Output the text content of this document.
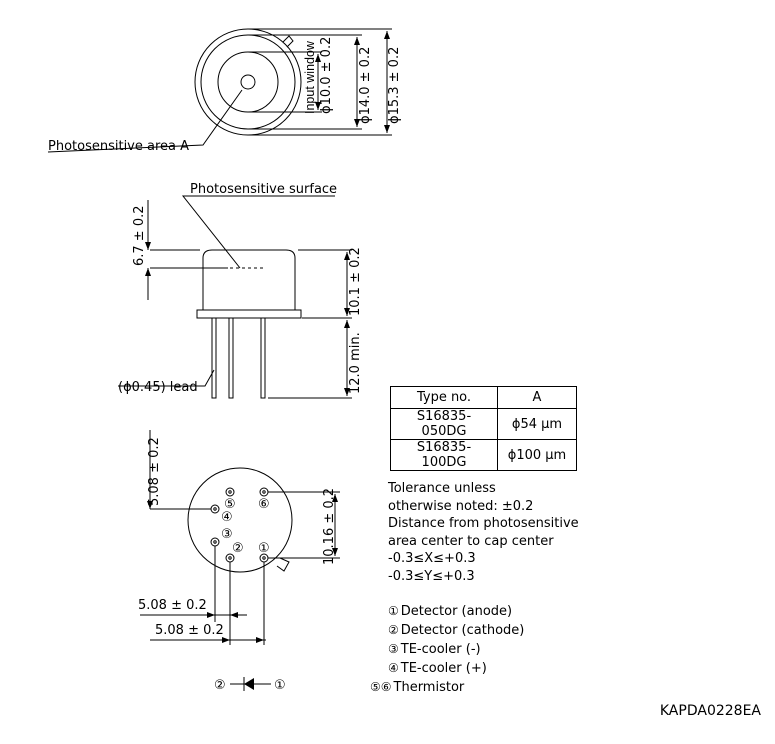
Photosensitive area A
Input window ϕ10.0 ± 0.2 ϕ14.0 ± 0.2 ϕ15.3 ± 0.2
Photosensitive surface
6.7 ± 0.2
10.1 ± 0.2
12.0 min.
(ϕ0.45) lead
5.08 ± 0.2
10.16 ± 0.2
5.08 ± 0.2
5.08 ± 0.2
⑤ ⑥
④
③
② ①
②	①
Type no.	A
S16835-050DG	ϕ54 µm
S16835-100DG	ϕ100 µm
Tolerance unless
otherwise noted: ±0.2
Distance from photosensitive
area center to cap center
-0.3≤X≤+0.3
-0.3≤Y≤+0.3
① Detector (anode)
② Detector (cathode)
③ TE-cooler (-)
④ TE-cooler (+)
⑤⑥ Thermistor
KAPDA0228EA
